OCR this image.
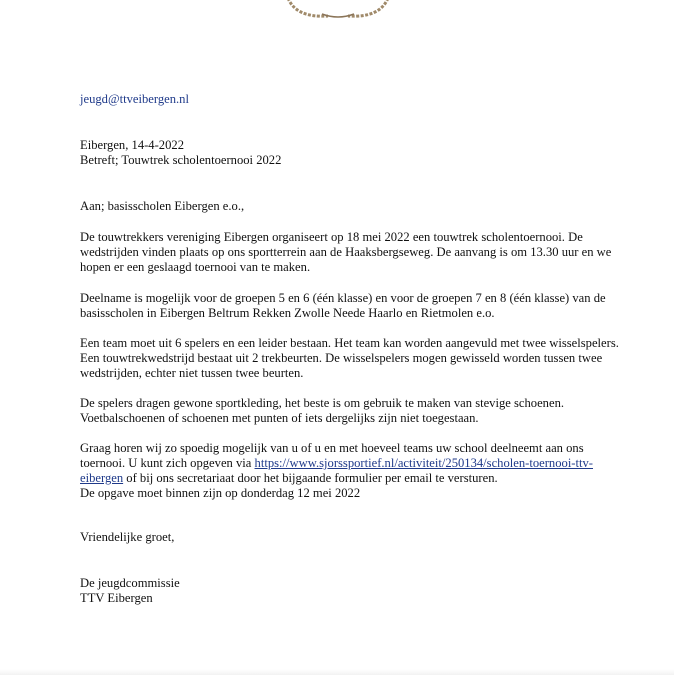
jeugd@ttveibergen.nl
Eibergen, 14-4-2022
Betreft; Touwtrek scholentoernooi 2022
Aan; basisscholen Eibergen e.o.,
De touwtrekkers vereniging Eibergen organiseert op 18 mei 2022 een touwtrek scholentoernooi. De
wedstrijden vinden plaats op ons sportterrein aan de Haaksbergseweg. De aanvang is om 13.30 uur en we
hopen er een geslaagd toernooi van te maken.
Deelname is mogelijk voor de groepen 5 en 6 (één klasse) en voor de groepen 7 en 8 (één klasse) van de
basisscholen in Eibergen Beltrum Rekken Zwolle Neede Haarlo en Rietmolen e.o.
Een team moet uit 6 spelers en een leider bestaan. Het team kan worden aangevuld met twee wisselspelers.
Een touwtrekwedstrijd bestaat uit 2 trekbeurten. De wisselspelers mogen gewisseld worden tussen twee
wedstrijden, echter niet tussen twee beurten.
De spelers dragen gewone sportkleding, het beste is om gebruik te maken van stevige schoenen.
Voetbalschoenen of schoenen met punten of iets dergelijks zijn niet toegestaan.
Graag horen wij zo spoedig mogelijk van u of u en met hoeveel teams uw school deelneemt aan ons
toernooi. U kunt zich opgeven via https://www.sjorssportief.nl/activiteit/250134/scholen-toernooi-ttv-
eibergen of bij ons secretariaat door het bijgaande formulier per email te versturen.
De opgave moet binnen zijn op donderdag 12 mei 2022
Vriendelijke groet,
De jeugdcommissie
TTV Eibergen
